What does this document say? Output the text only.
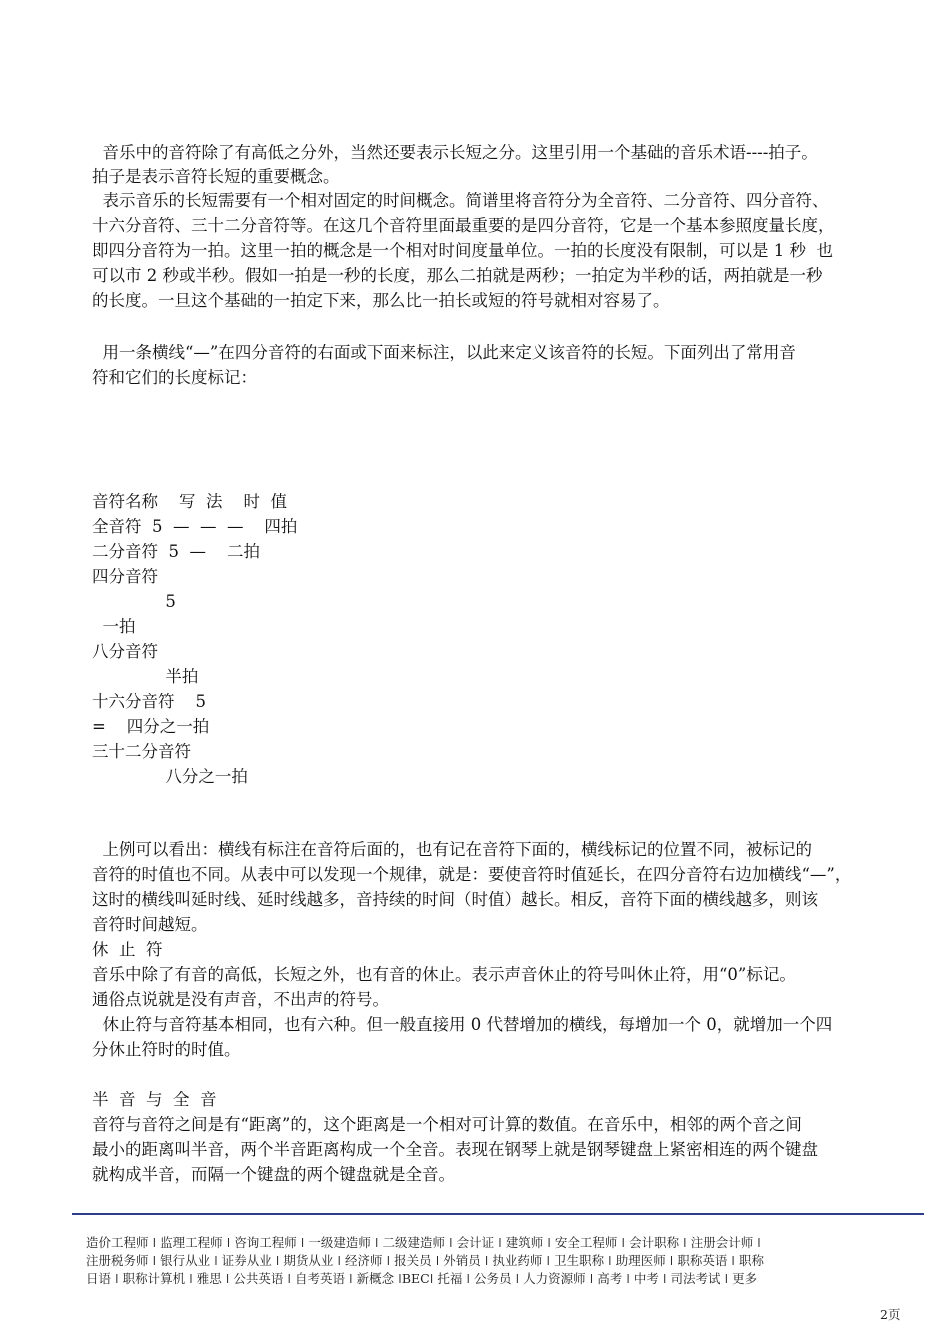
音乐中的音符除了有高低之分外，当然还要表示长短之分。这里引用一个基础的音乐术语----拍子。

拍子是表示音符长短的重要概念。

表示音乐的长短需要有一个相对固定的时间概念。简谱里将音符分为全音符、二分音符、四分音符、

十六分音符、三十二分音符等。在这几个音符里面最重要的是四分音符，它是一个基本参照度量长度，

即四分音符为一拍。这里一拍的概念是一个相对时间度量单位。一拍的长度没有限制，可以是 1 秒  也

可以市 2 秒或半秒。假如一拍是一秒的长度，那么二拍就是两秒；一拍定为半秒的话，两拍就是一秒

的长度。一旦这个基础的一拍定下来，那么比一拍长或短的符号就相对容易了。

用一条横线“—”在四分音符的右面或下面来标注，以此来定义该音符的长短。下面列出了常用音

符和它们的长度标记：

音符名称    写  法    时  值

全音符  5  —  —  —    四拍

二分音符  5  —    二拍

四分音符

5

一拍

八分音符

半拍

十六分音符    5

=    四分之一拍

三十二分音符

八分之一拍

上例可以看出：横线有标注在音符后面的，也有记在音符下面的，横线标记的位置不同，被标记的

音符的时值也不同。从表中可以发现一个规律，就是：要使音符时值延长，在四分音符右边加横线“—”，

这时的横线叫延时线、延时线越多，音持续的时间（时值）越长。相反，音符下面的横线越多，则该

音符时间越短。

休  止  符

音乐中除了有音的高低，长短之外，也有音的休止。表示声音休止的符号叫休止符，用“0”标记。

通俗点说就是没有声音，不出声的符号。

休止符与音符基本相同，也有六种。但一般直接用 0 代替增加的横线，每增加一个 0，就增加一个四

分休止符时的时值。

半  音  与  全  音

音符与音符之间是有“距离”的，这个距离是一个相对可计算的数值。在音乐中，相邻的两个音之间

最小的距离叫半音，两个半音距离构成一个全音。表现在钢琴上就是钢琴键盘上紧密相连的两个键盘

就构成半音，而隔一个键盘的两个键盘就是全音。

造价工程师 ǀ 监理工程师 ǀ 咨询工程师 ǀ 一级建造师 ǀ 二级建造师 ǀ 会计证 ǀ 建筑师 ǀ 安全工程师 ǀ 会计职称 ǀ 注册会计师 ǀ
注册税务师 ǀ 银行从业 ǀ 证券从业 ǀ 期货从业 ǀ 经济师 ǀ 报关员 ǀ 外销员 ǀ 执业药师 ǀ 卫生职称 ǀ 助理医师 ǀ 职称英语 ǀ 职称
日语 ǀ 职称计算机 ǀ 雅思 ǀ 公共英语 ǀ 自考英语 ǀ 新概念 ǀBECǀ 托福 ǀ 公务员 ǀ 人力资源师 ǀ 高考 ǀ 中考 ǀ 司法考试 ǀ 更多
2页
